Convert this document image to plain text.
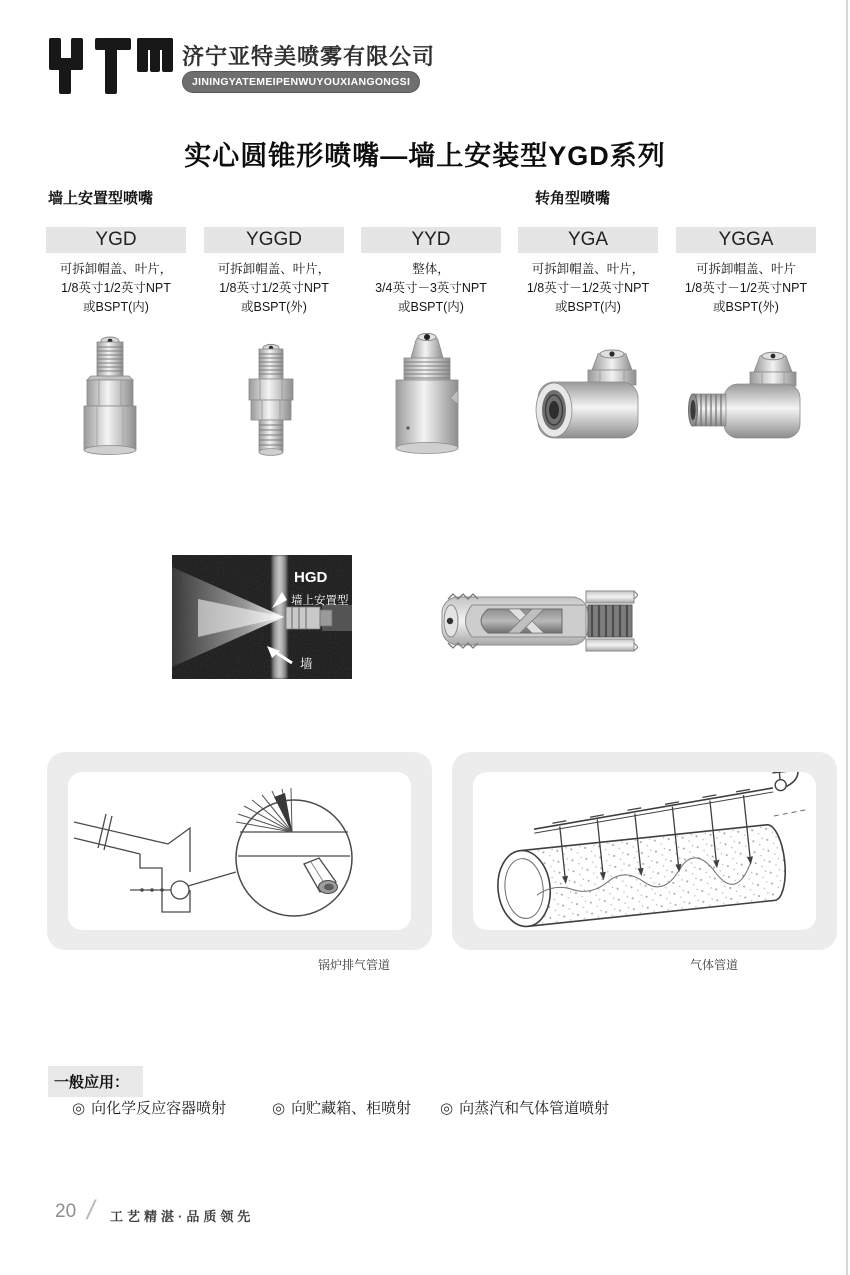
济宁亚特美喷雾有限公司
JININGYATEMEIPENWUYOUXIANGONGSI
实心圆锥形喷嘴—墙上安装型YGD系列
墙上安置型喷嘴	转角型喷嘴
YGD
可拆卸帽盖、叶片，
1/8英寸1/2英寸NPT
或BSPT(内)
YGGD
可拆卸帽盖、叶片，
1/8英寸1/2英寸NPT
或BSPT(外)
YYD
整体，
3/4英寸－3英寸NPT
或BSPT(内)
YGA
可拆卸帽盖、叶片，
1/8英寸－1/2英寸NPT
或BSPT(内)
YGGA
可拆卸帽盖、叶片
1/8英寸－1/2英寸NPT
或BSPT(外)
HGD
墙上安置型
墙
锅炉排气管道	气体管道
一般应用：
◎ 向化学反应容器喷射	◎ 向贮藏箱、柜喷射 ◎ 向蒸汽和气体管道喷射
20 / 工艺精湛·品质领先
